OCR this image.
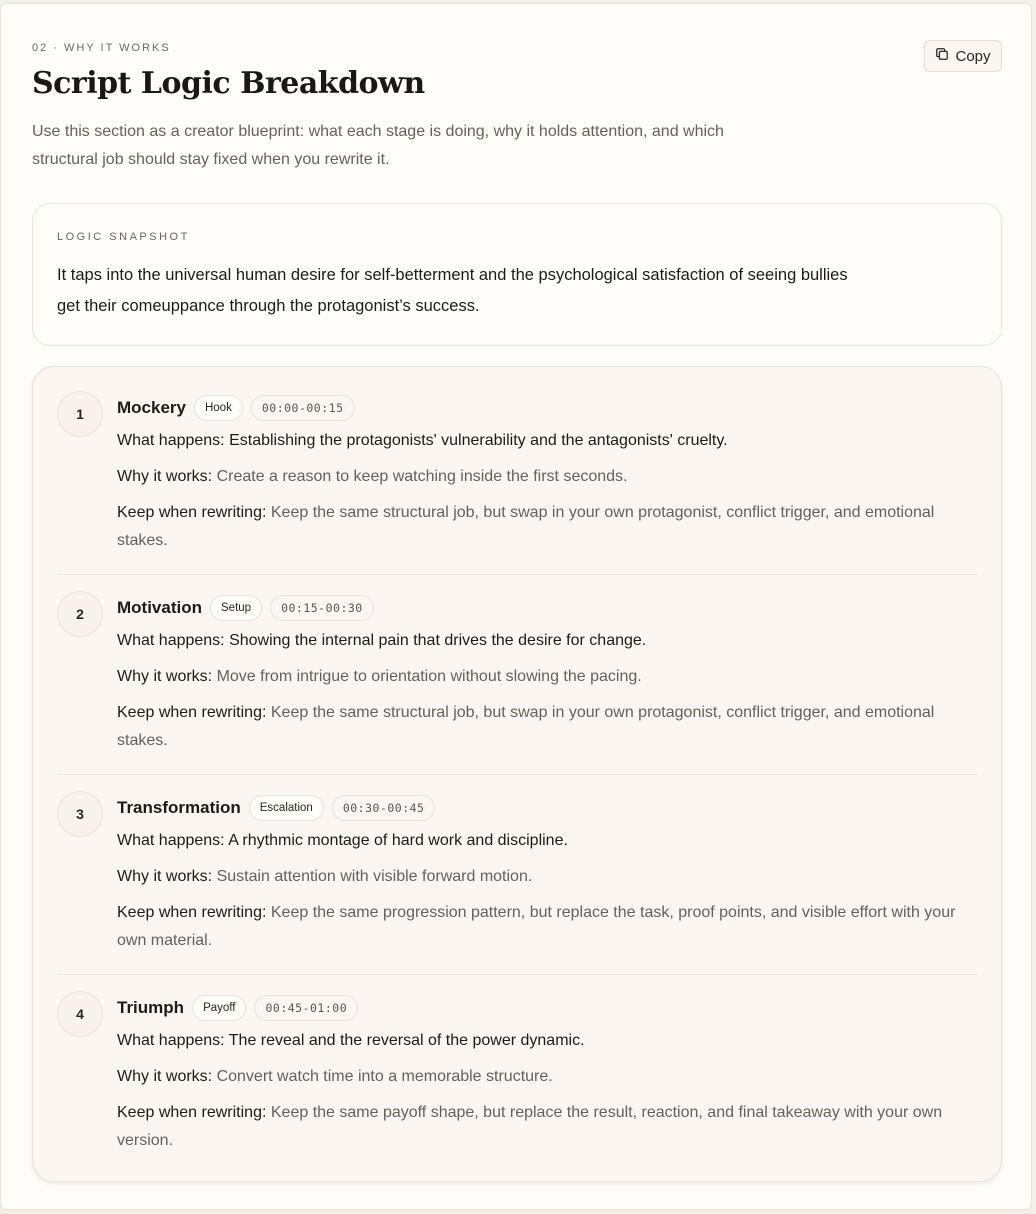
02 · WHY IT WORKS	Copy
Script Logic Breakdown

Use this section as a creator blueprint: what each stage is doing, why it holds attention, and which structural job should stay fixed when you rewrite it.

LOGIC SNAPSHOT

It taps into the universal human desire for self-betterment and the psychological satisfaction of seeing bullies get their comeuppance through the protagonist’s success.

1	Mockery	Hook	00:00-00:15

What happens: Establishing the protagonists' vulnerability and the antagonists' cruelty.

Why it works: Create a reason to keep watching inside the first seconds.

Keep when rewriting: Keep the same structural job, but swap in your own protagonist, conflict trigger, and emotional stakes.

2	Motivation	Setup	00:15-00:30

What happens: Showing the internal pain that drives the desire for change.

Why it works: Move from intrigue to orientation without slowing the pacing.

Keep when rewriting: Keep the same structural job, but swap in your own protagonist, conflict trigger, and emotional stakes.

3	Transformation	Escalation	00:30-00:45

What happens: A rhythmic montage of hard work and discipline.

Why it works: Sustain attention with visible forward motion.

Keep when rewriting: Keep the same progression pattern, but replace the task, proof points, and visible effort with your own material.

4	Triumph	Payoff	00:45-01:00

What happens: The reveal and the reversal of the power dynamic.

Why it works: Convert watch time into a memorable structure.

Keep when rewriting: Keep the same payoff shape, but replace the result, reaction, and final takeaway with your own version.
